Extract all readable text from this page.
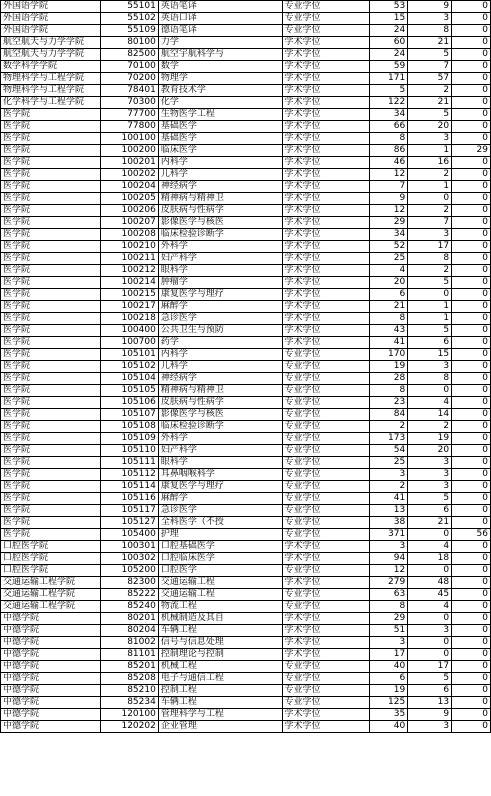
外国语学院	55101	英语笔译	专业学位	53	9	0
外国语学院	55102	英语口译	专业学位	15	3	0
外国语学院	55109	德语笔译	专业学位	24	8	0
航空航天与力学学院	80100	力学	学术学位	60	21	0
航空航天与力学学院	82500	航空宇航科学与	学术学位	24	5	0
数学科学学院	70100	数学	学术学位	59	7	0
物理科学与工程学院	70200	物理学	学术学位	171	57	0
物理科学与工程学院	78401	教育技术学	学术学位	5	2	0
化学科学与工程学院	70300	化学	学术学位	122	21	0
医学院	77700	生物医学工程	学术学位	34	5	0
医学院	77800	基础医学	学术学位	66	20	0
医学院	100100	基础医学	学术学位	8	3	0
医学院	100200	临床医学	学术学位	86	1	29
医学院	100201	内科学	学术学位	46	16	0
医学院	100202	儿科学	学术学位	12	2	0
医学院	100204	神经病学	学术学位	7	1	0
医学院	100205	精神病与精神卫	学术学位	9	0	0
医学院	100206	皮肤病与性病学	学术学位	12	2	0
医学院	100207	影像医学与核医	学术学位	29	7	0
医学院	100208	临床检验诊断学	学术学位	34	3	0
医学院	100210	外科学	学术学位	52	17	0
医学院	100211	妇产科学	学术学位	25	8	0
医学院	100212	眼科学	学术学位	4	2	0
医学院	100214	肿瘤学	学术学位	20	5	0
医学院	100215	康复医学与理疗	学术学位	6	0	0
医学院	100217	麻醉学	学术学位	21	1	0
医学院	100218	急诊医学	学术学位	8	1	0
医学院	100400	公共卫生与预防	学术学位	43	5	0
医学院	100700	药学	学术学位	41	6	0
医学院	105101	内科学	专业学位	170	15	0
医学院	105102	儿科学	专业学位	19	3	0
医学院	105104	神经病学	专业学位	28	8	0
医学院	105105	精神病与精神卫	专业学位	8	0	0
医学院	105106	皮肤病与性病学	专业学位	23	4	0
医学院	105107	影像医学与核医	专业学位	84	14	0
医学院	105108	临床检验诊断学	专业学位	2	2	0
医学院	105109	外科学	专业学位	173	19	0
医学院	105110	妇产科学	专业学位	54	20	0
医学院	105111	眼科学	专业学位	25	3	0
医学院	105112	耳鼻咽喉科学	专业学位	3	3	0
医学院	105114	康复医学与理疗	专业学位	2	3	0
医学院	105116	麻醉学	专业学位	41	5	0
医学院	105117	急诊医学	专业学位	13	6	0
医学院	105127	全科医学（不授	专业学位	38	21	0
医学院	105400	护理	专业学位	371	0	56
口腔医学院	100301	口腔基础医学	学术学位	3	4	0
口腔医学院	100302	口腔临床医学	学术学位	94	18	0
口腔医学院	105200	口腔医学	专业学位	12	0	0
交通运输工程学院	82300	交通运输工程	学术学位	279	48	0
交通运输工程学院	85222	交通运输工程	专业学位	63	45	0
交通运输工程学院	85240	物流工程	专业学位	8	4	0
中德学院	80201	机械制造及其自	学术学位	29	0	0
中德学院	80204	车辆工程	学术学位	51	3	0
中德学院	81002	信号与信息处理	学术学位	3	0	0
中德学院	81101	控制理论与控制	学术学位	17	0	0
中德学院	85201	机械工程	专业学位	40	17	0
中德学院	85208	电子与通信工程	专业学位	6	5	0
中德学院	85210	控制工程	专业学位	19	6	0
中德学院	85234	车辆工程	专业学位	125	13	0
中德学院	120100	管理科学与工程	学术学位	35	9	0
中德学院	120202	企业管理	学术学位	40	3	0
